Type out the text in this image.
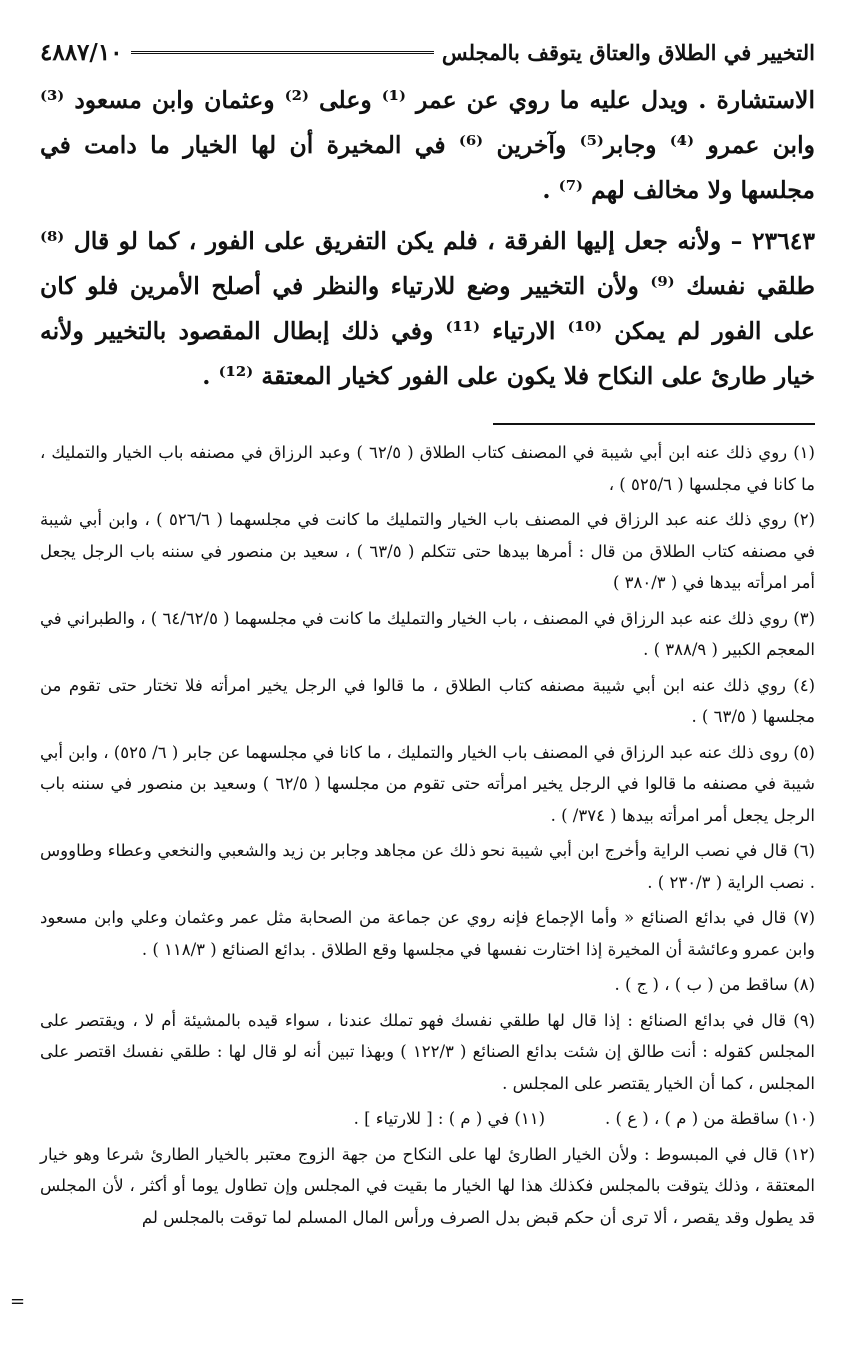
التخيير في الطلاق والعتاق يتوقف بالمجلس
٤٨٨٧/١٠

الاستشارة . ويدل عليه ما روي عن عمر ⁽¹⁾ وعلى ⁽²⁾ وعثمان وابن مسعود ⁽³⁾ وابن عمرو ⁽⁴⁾ وجابر⁽⁵⁾ وآخرين ⁽⁶⁾ في المخيرة أن لها الخيار ما دامت في مجلسها ولا مخالف لهم ⁽⁷⁾ .

٢٣٦٤٣ – ولأنه جعل إليها الفرقة ، فلم يكن التفريق على الفور ، كما لو قال ⁽⁸⁾ طلقي نفسك ⁽⁹⁾ ولأن التخيير وضع للارتياء والنظر في أصلح الأمرين فلو كان على الفور لم يمكن ⁽¹⁰⁾ الارتياء ⁽¹¹⁾ وفي ذلك إبطال المقصود بالتخيير ولأنه خيار طارئ على النكاح فلا يكون على الفور كخيار المعتقة ⁽¹²⁾ .

(١) روي ذلك عنه ابن أبي شيبة في المصنف كتاب الطلاق ( ٦٢/٥ ) وعبد الرزاق في مصنفه باب الخيار والتمليك ، ما كانا في مجلسها ( ٥٢٥/٦ ) ،

(٢) روي ذلك عنه عبد الرزاق في المصنف باب الخيار والتمليك ما كانت في مجلسهما ( ٥٢٦/٦ ) ، وابن أبي شيبة في مصنفه كتاب الطلاق من قال : أمرها بيدها حتى تتكلم ( ٦٣/٥ ) ، سعيد بن منصور في سننه باب الرجل يجعل أمر امرأته بيدها في ( ٣٨٠/٣ )

(٣) روي ذلك عنه عبد الرزاق في المصنف ، باب الخيار والتمليك ما كانت في مجلسهما ( ٦٤/٦٢/٥ ) ، والطبراني في المعجم الكبير ( ٣٨٨/٩ ) .

(٤) روي ذلك عنه ابن أبي شيبة مصنفه كتاب الطلاق ، ما قالوا في الرجل يخير امرأته فلا تختار حتى تقوم من مجلسها ( ٦٣/٥ ) .

(٥) روى ذلك عنه عبد الرزاق في المصنف باب الخيار والتمليك ، ما كانا في مجلسهما عن جابر ( ٦/ ٥٢٥) ، وابن أبي شيبة في مصنفه ما قالوا في الرجل يخير امرأته حتى تقوم من مجلسها ( ٦٢/٥ ) وسعيد بن منصور في سننه باب الرجل يجعل أمر امرأته بيدها ( ٣٧٤/ ) .

(٦) قال في نصب الراية وأخرج ابن أبي شيبة نحو ذلك عن مجاهد وجابر بن زيد والشعبي والنخعي وعطاء وطاووس . نصب الراية ( ٢٣٠/٣ ) .

(٧) قال في بدائع الصنائع « وأما الإجماع فإنه روي عن جماعة من الصحابة مثل عمر وعثمان وعلي وابن مسعود وابن عمرو وعائشة أن المخيرة إذا اختارت نفسها في مجلسها وقع الطلاق . بدائع الصنائع ( ١١٨/٣ ) .

(٨) ساقط من ( ب ) ، ( ج ) .

(٩) قال في بدائع الصنائع : إذا قال لها طلقي نفسك فهو تملك عندنا ، سواء قيده بالمشيئة أم لا ، ويقتصر على المجلس كقوله : أنت طالق إن شئت بدائع الصنائع ( ١٢٢/٣ ) وبهذا تبين أنه لو قال لها : طلقي نفسك اقتصر على المجلس ، كما أن الخيار يقتصر على المجلس .

(١٠) ساقطة من ( م ) ، ( ع ) .
(١١) في ( م ) : [ للارتياء ] .

(١٢) قال في المبسوط : ولأن الخيار الطارئ لها على النكاح من جهة الزوج معتبر بالخيار الطارئ شرعا وهو خيار المعتقة ، وذلك يتوقت بالمجلس فكذلك هذا لها الخيار ما بقيت في المجلس وإن تطاول يوما أو أكثر ، لأن المجلس قد يطول وقد يقصر ، ألا ترى أن حكم قبض بدل الصرف ورأس المال المسلم لما توقت بالمجلس لم

=
